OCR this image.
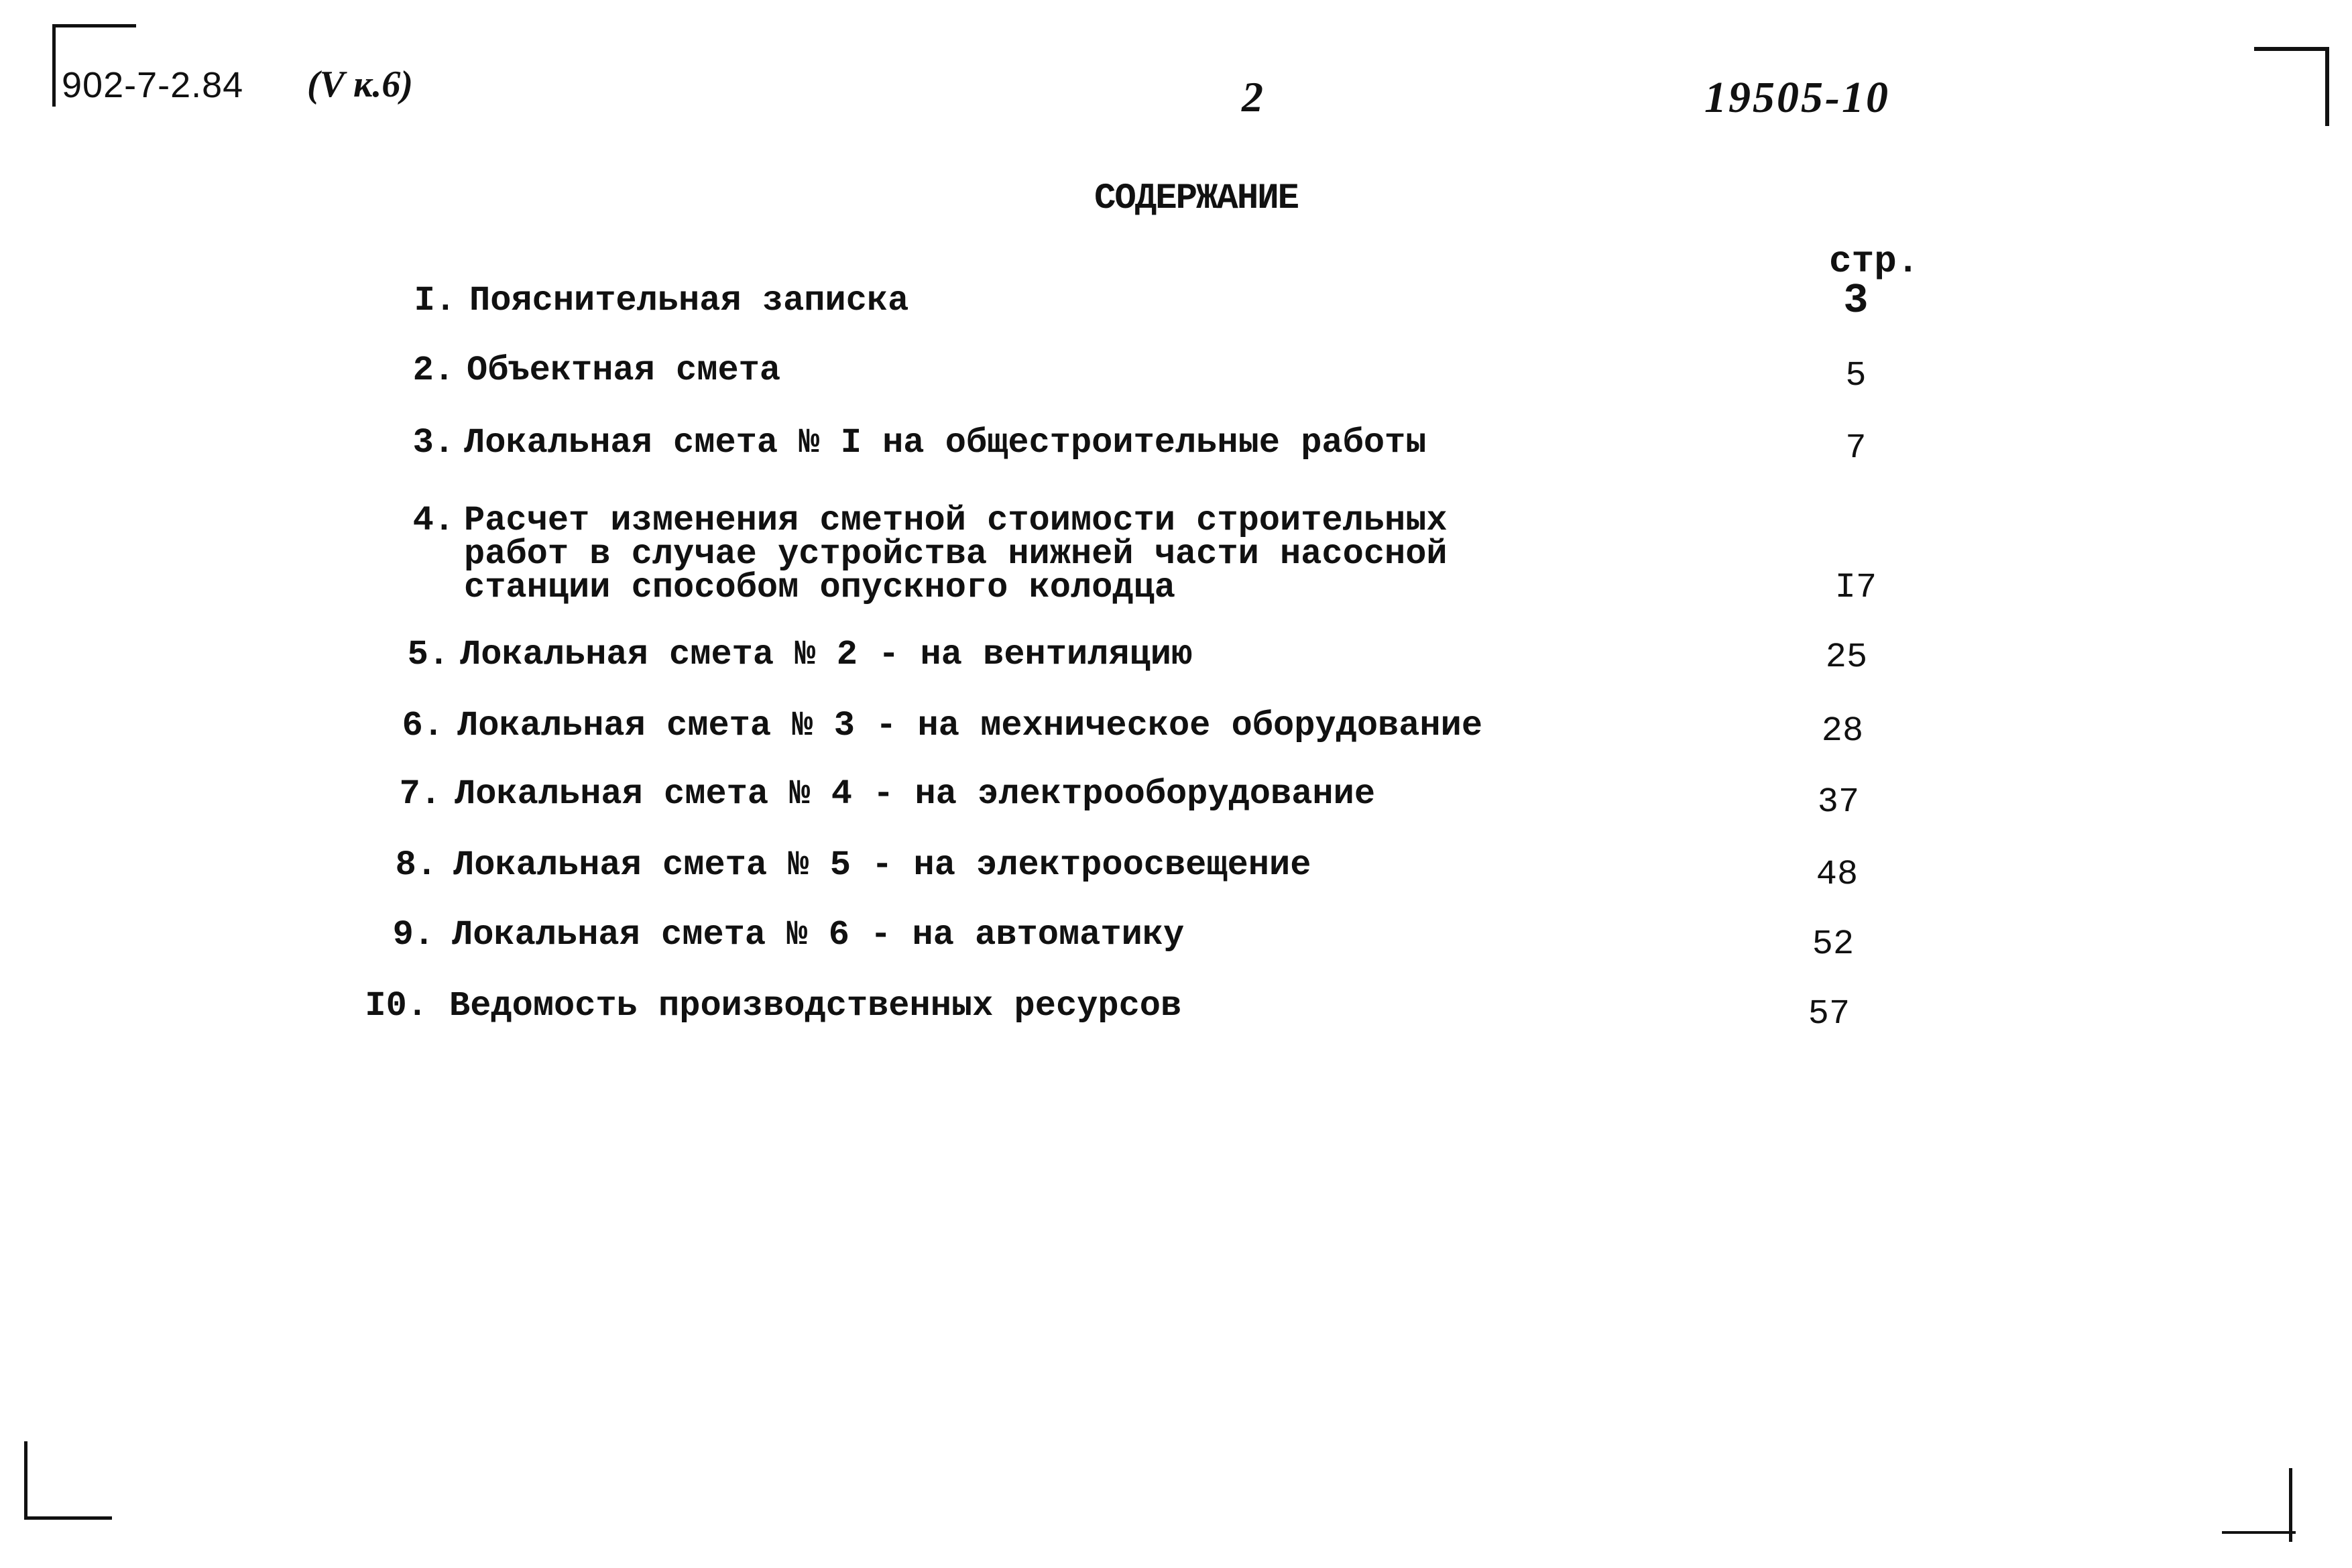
902-7-2.84 (V к.6)	2	19505-10
СОДЕРЖАНИЕ
стр.
I. Пояснительная записка	3
2. Объектная смета	5
3. Локальная смета № I на общестроительные работы	7
4. Расчет изменения сметной стоимости строительных
работ в случае устройства нижней части насосной
станции способом опускного колодца	I7
5. Локальная смета № 2 - на вентиляцию	25
6. Локальная смета № 3 - на мехническое оборудование	28
7. Локальная смета № 4 - на электрооборудование	37
8. Локальная смета № 5 - на электроосвещение	48
9. Локальная смета № 6 - на автоматику	52
I0. Ведомость производственных ресурсов	57
